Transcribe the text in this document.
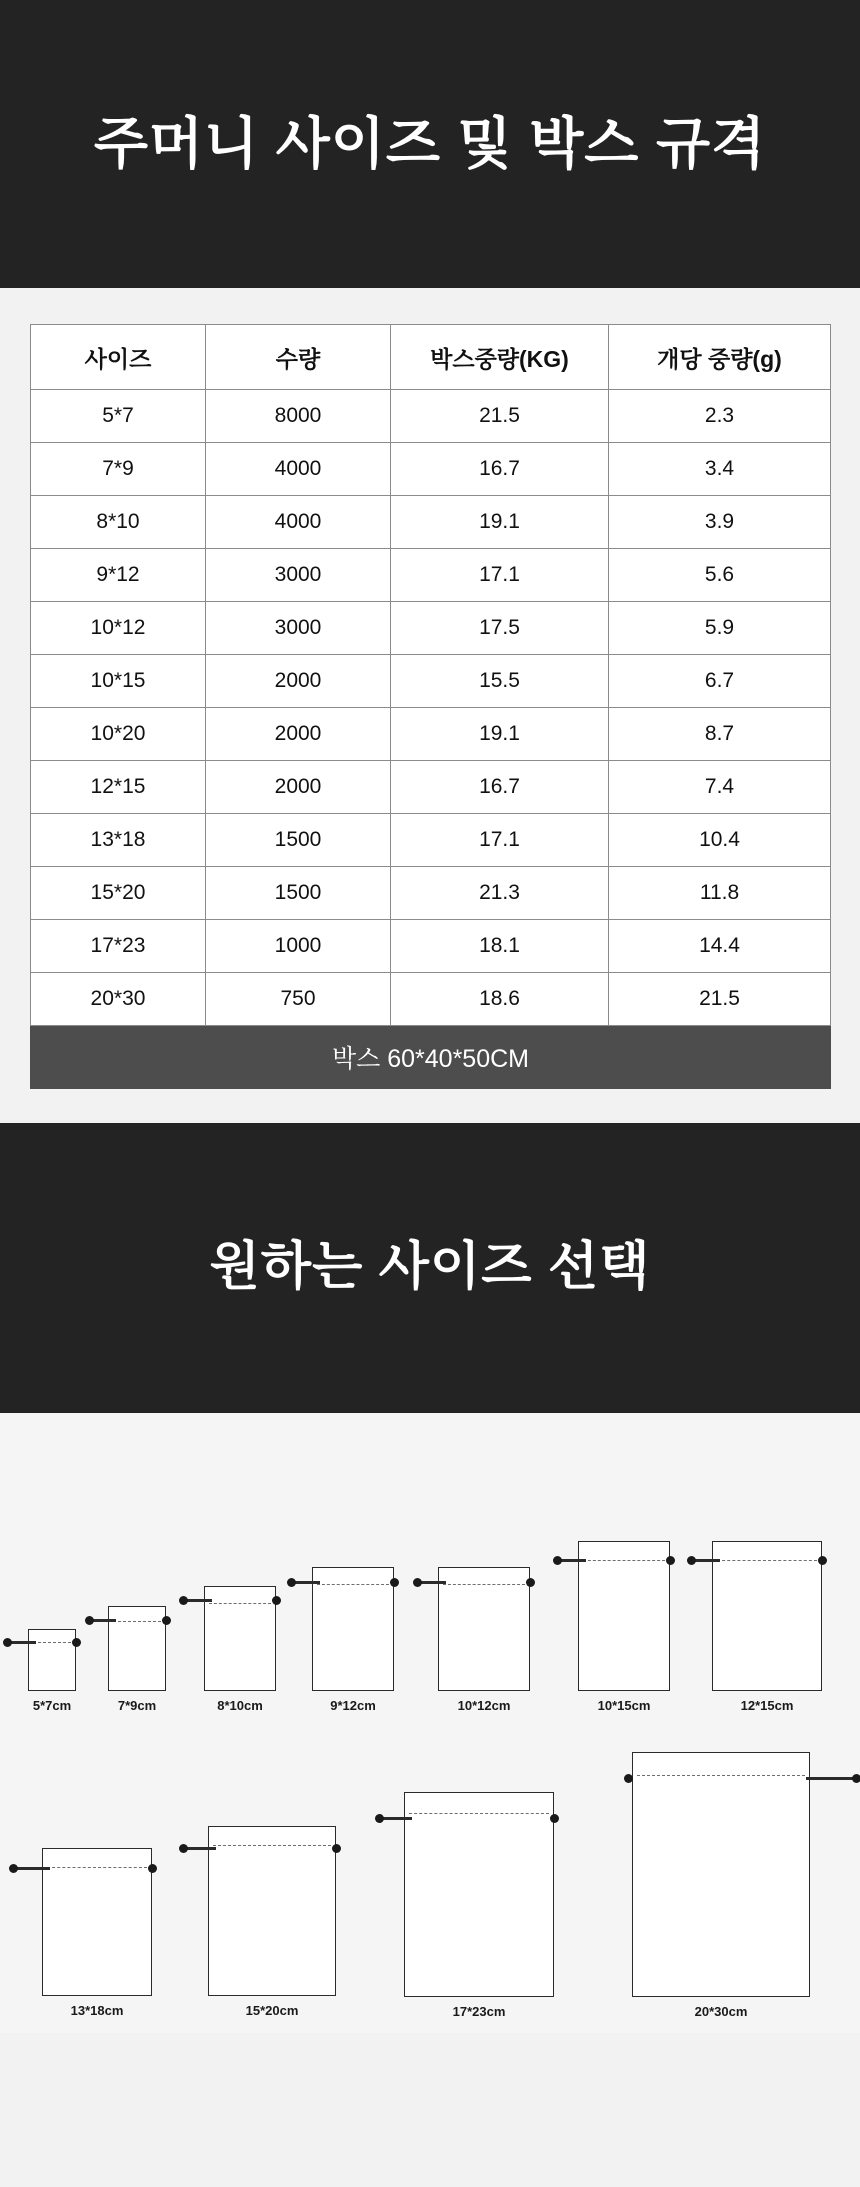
주머니 사이즈 및 박스 규격
사이즈	수량	박스중량(KG)	개당 중량(g)
5*7	8000	21.5	2.3
7*9	4000	16.7	3.4
8*10	4000	19.1	3.9
9*12	3000	17.1	5.6
10*12	3000	17.5	5.9
10*15	2000	15.5	6.7
10*20	2000	19.1	8.7
12*15	2000	16.7	7.4
13*18	1500	17.1	10.4
15*20	1500	21.3	11.8
17*23	1000	18.1	14.4
20*30	750	18.6	21.5
박스 60*40*50CM			
원하는 사이즈 선택
5*7cm	7*9cm	8*10cm	9*12cm	10*12cm	10*15cm	12*15cm
13*18cm	15*20cm	17*23cm	20*30cm
